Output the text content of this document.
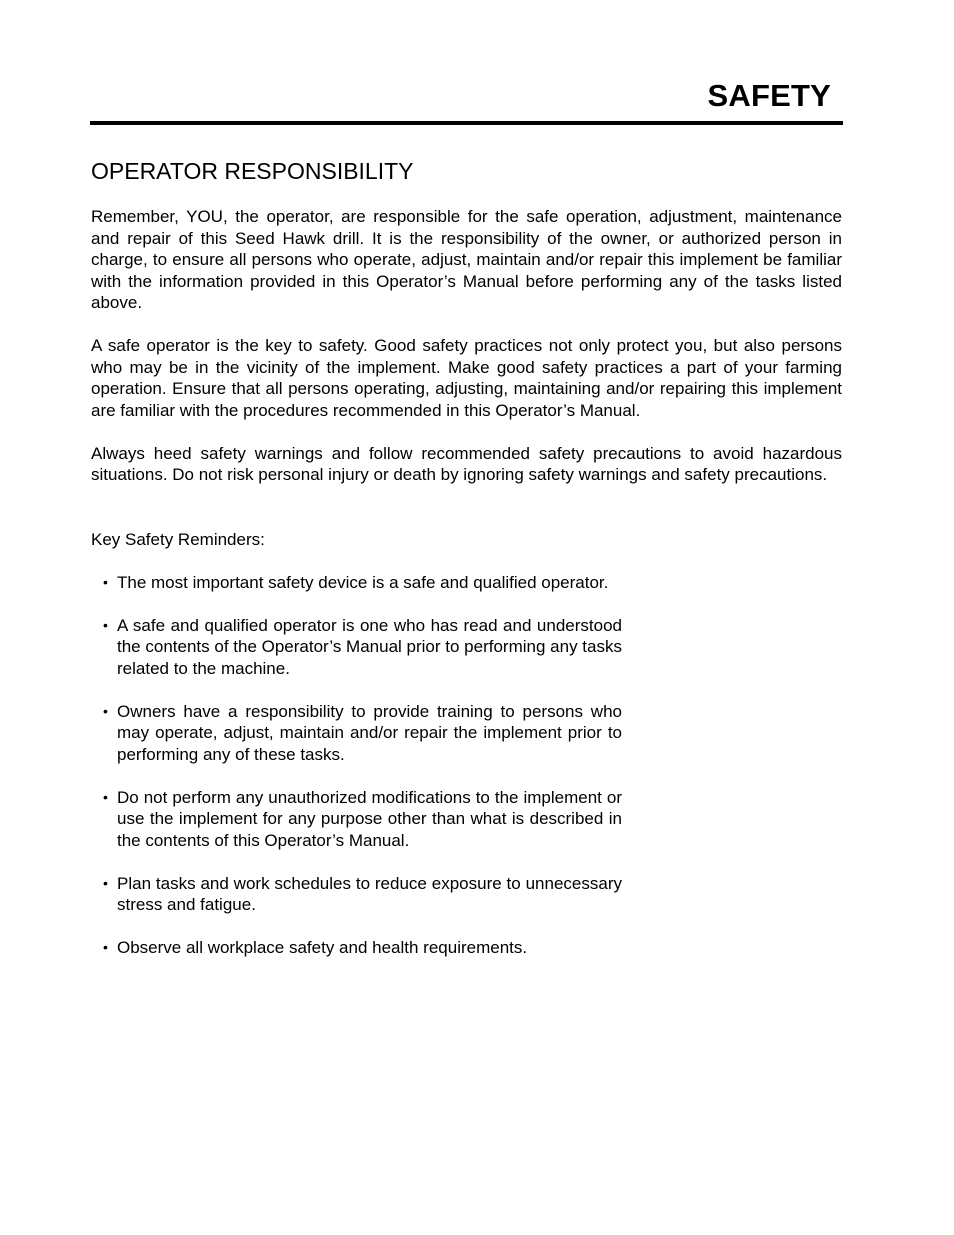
SAFETY
OPERATOR RESPONSIBILITY

Remember, YOU, the operator, are responsible for the safe operation, adjustment, maintenance and repair of this Seed Hawk drill. It is the responsibility of the owner, or authorized person in charge, to ensure all persons who operate, adjust, maintain and/or repair this implement be familiar with the information provided in this Operator’s Manual before performing any of the tasks listed above.

A safe operator is the key to safety. Good safety practices not only protect you, but also persons who may be in the vicinity of the implement. Make good safety practices a part of your farming operation. Ensure that all persons operating, adjusting, maintaining and/or repairing this implement are familiar with the procedures recommended in this Operator’s Manual.

Always heed safety warnings and follow recommended safety precautions to avoid hazardous situations. Do not risk personal injury or death by ignoring safety warnings and safety precautions.

Key Safety Reminders:

• The most important safety device is a safe and qualified operator.
• A safe and qualified operator is one who has read and understood the contents of the Operator’s Manual prior to performing any tasks related to the machine.
• Owners have a responsibility to provide training to persons who may operate, adjust, maintain and/or repair the implement prior to performing any of these tasks.
• Do not perform any unauthorized modifications to the implement or use the implement for any purpose other than what is described in the contents of this Operator’s Manual.
• Plan tasks and work schedules to reduce exposure to unnecessary stress and fatigue.
• Observe all workplace safety and health requirements.
